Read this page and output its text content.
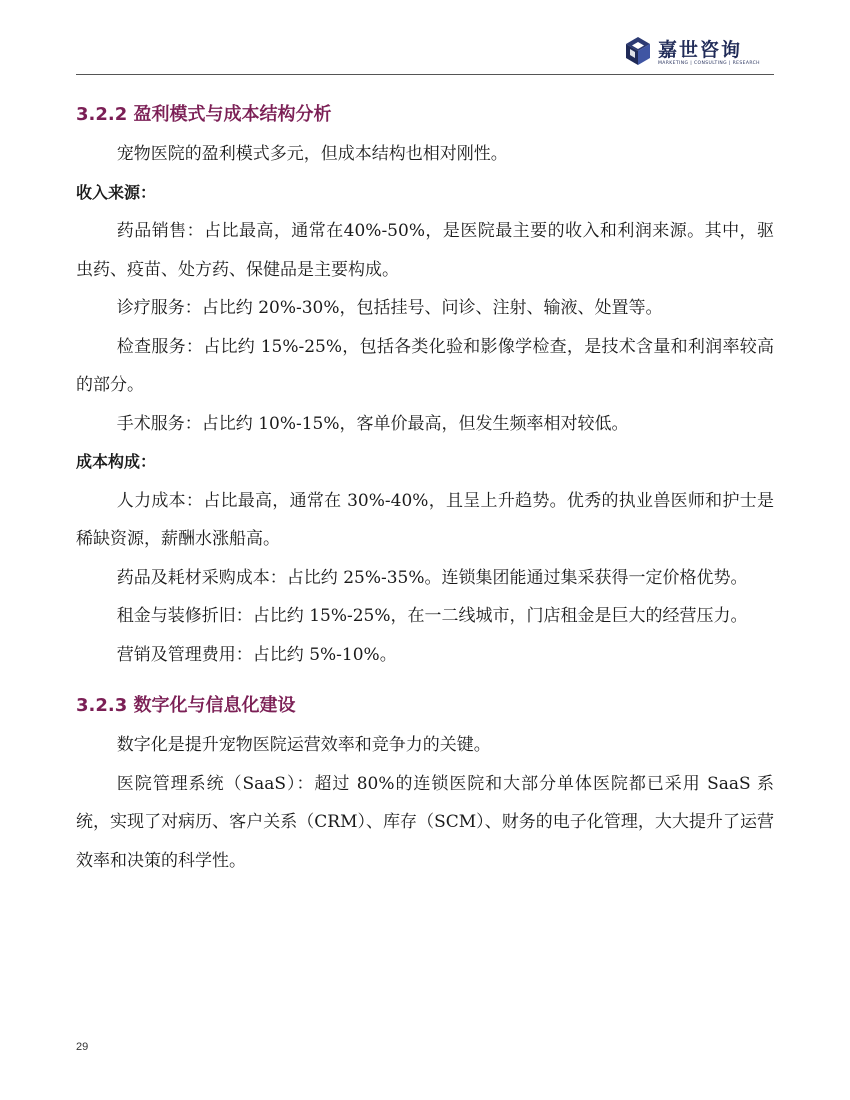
嘉世咨询
MARKETING | CONSULTING | RESEARCH
3.2.2 盈利模式与成本结构分析

宠物医院的盈利模式多元，但成本结构也相对刚性。

收入来源：

药品销售：占比最高，通常在40%-50%，是医院最主要的收入和利润来源。其中，驱虫药、疫苗、处方药、保健品是主要构成。

诊疗服务：占比约 20%-30%，包括挂号、问诊、注射、输液、处置等。

检查服务：占比约 15%-25%，包括各类化验和影像学检查，是技术含量和利润率较高的部分。

手术服务：占比约 10%-15%，客单价最高，但发生频率相对较低。

成本构成：

人力成本：占比最高，通常在 30%-40%，且呈上升趋势。优秀的执业兽医师和护士是稀缺资源，薪酬水涨船高。

药品及耗材采购成本：占比约 25%-35%。连锁集团能通过集采获得一定价格优势。

租金与装修折旧：占比约 15%-25%，在一二线城市，门店租金是巨大的经营压力。

营销及管理费用：占比约 5%-10%。

3.2.3 数字化与信息化建设

数字化是提升宠物医院运营效率和竞争力的关键。

医院管理系统（SaaS）：超过 80%的连锁医院和大部分单体医院都已采用 SaaS 系统，实现了对病历、客户关系（CRM）、库存（SCM）、财务的电子化管理，大大提升了运营效率和决策的科学性。

29
